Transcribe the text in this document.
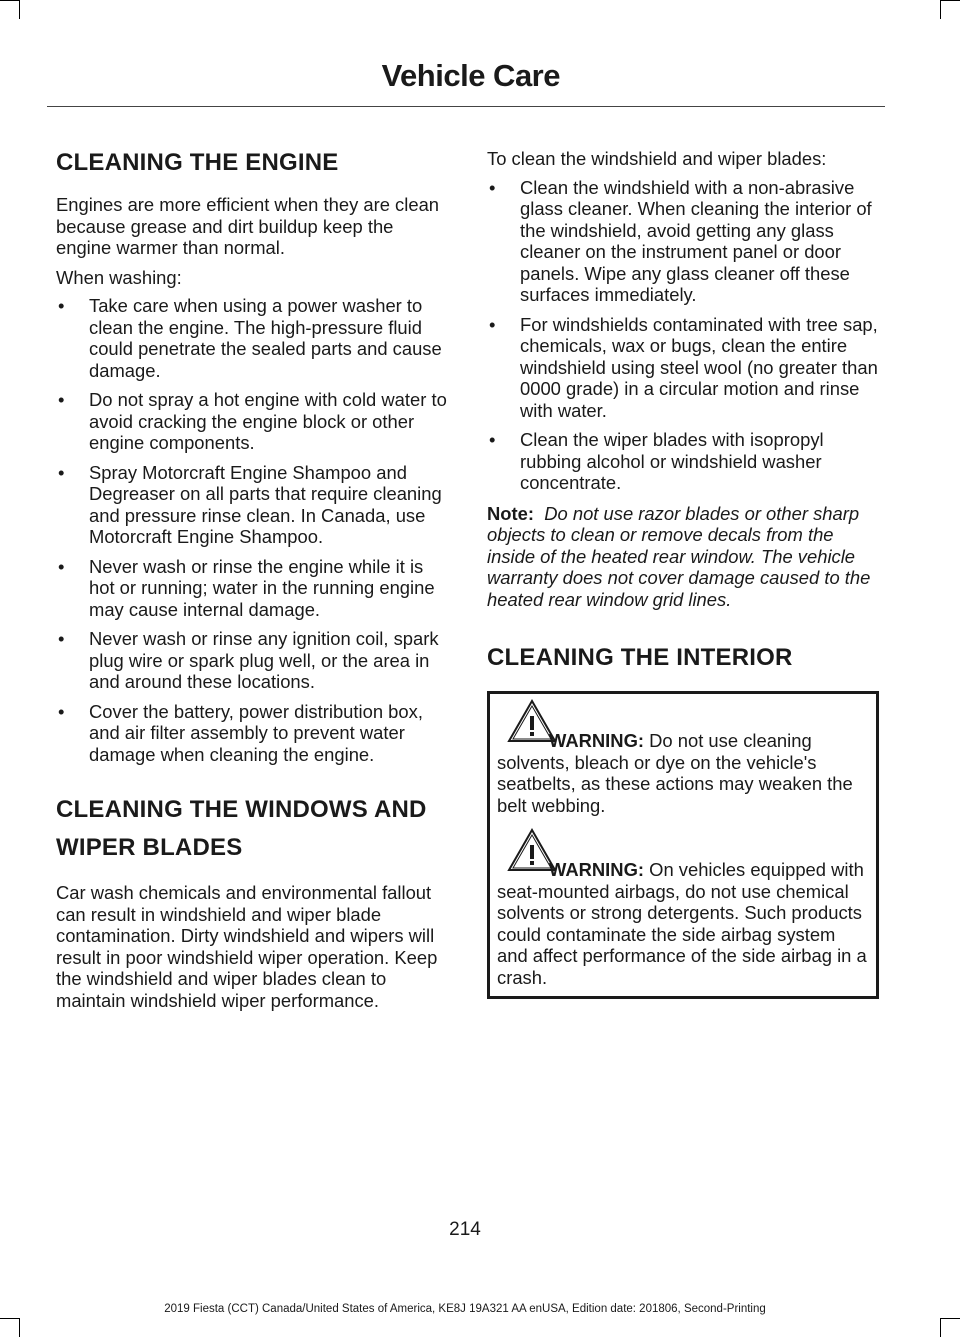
Vehicle Care
CLEANING THE ENGINE

Engines are more efficient when they are clean because grease and dirt buildup keep the engine warmer than normal.

When washing:

• Take care when using a power washer to clean the engine. The high-pressure fluid could penetrate the sealed parts and cause damage.
• Do not spray a hot engine with cold water to avoid cracking the engine block or other engine components.
• Spray Motorcraft Engine Shampoo and Degreaser on all parts that require cleaning and pressure rinse clean. In Canada, use Motorcraft Engine Shampoo.
• Never wash or rinse the engine while it is hot or running; water in the running engine may cause internal damage.
• Never wash or rinse any ignition coil, spark plug wire or spark plug well, or the area in and around these locations.
• Cover the battery, power distribution box, and air filter assembly to prevent water damage when cleaning the engine.
CLEANING THE WINDOWS AND
WIPER BLADES

Car wash chemicals and environmental fallout can result in windshield and wiper blade contamination. Dirty windshield and wipers will result in poor windshield wiper operation. Keep the windshield and wiper blades clean to maintain windshield wiper performance.

To clean the windshield and wiper blades:

• Clean the windshield with a non-abrasive glass cleaner. When cleaning the interior of the windshield, avoid getting any glass cleaner on the instrument panel or door panels. Wipe any glass cleaner off these surfaces immediately.
• For windshields contaminated with tree sap, chemicals, wax or bugs, clean the entire windshield using steel wool (no greater than 0000 grade) in a circular motion and rinse with water.
• Clean the wiper blades with isopropyl rubbing alcohol or windshield washer concentrate.

Note: Do not use razor blades or other sharp objects to clean or remove decals from the inside of the heated rear window. The vehicle warranty does not cover damage caused to the heated rear window grid lines.

CLEANING THE INTERIOR

WARNING: Do not use cleaning solvents, bleach or dye on the vehicle's seatbelts, as these actions may weaken the belt webbing.

WARNING: On vehicles equipped with seat-mounted airbags, do not use chemical solvents or strong detergents. Such products could contaminate the side airbag system and affect performance of the side airbag in a crash.

214
2019 Fiesta (CCT) Canada/United States of America, KE8J 19A321 AA enUSA, Edition date: 201806, Second-Printing
